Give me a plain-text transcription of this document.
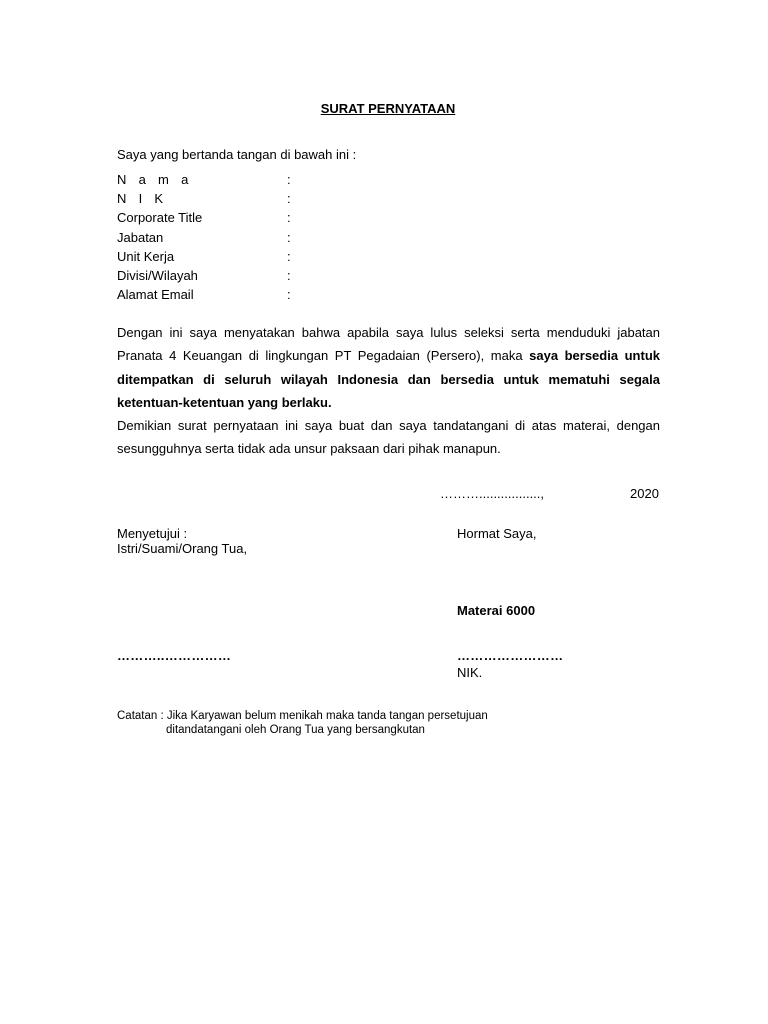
SURAT PERNYATAAN
Saya yang bertanda tangan di bawah ini :
N a m a	:
N I K	:
Corporate Title	:
Jabatan	:
Unit Kerja	:
Divisi/Wilayah	:
Alamat Email	:
Dengan ini saya menyatakan bahwa apabila saya lulus seleksi serta menduduki jabatan Pranata 4 Keuangan di lingkungan PT Pegadaian (Persero), maka saya bersedia untuk ditempatkan di seluruh wilayah Indonesia dan bersedia untuk mematuhi segala ketentuan-ketentuan yang berlaku.
Demikian surat pernyataan ini saya buat dan saya tandatangani di atas materai, dengan sesungguhnya serta tidak ada unsur paksaan dari pihak manapun.
……….................,	2020
Menyetujui :
Istri/Suami/Orang Tua,
Hormat Saya,
Materai 6000
………..……………	……………………
NIK.
Catatan : Jika Karyawan belum menikah maka tanda tangan persetujuan
ditandatangani oleh Orang Tua yang bersangkutan
